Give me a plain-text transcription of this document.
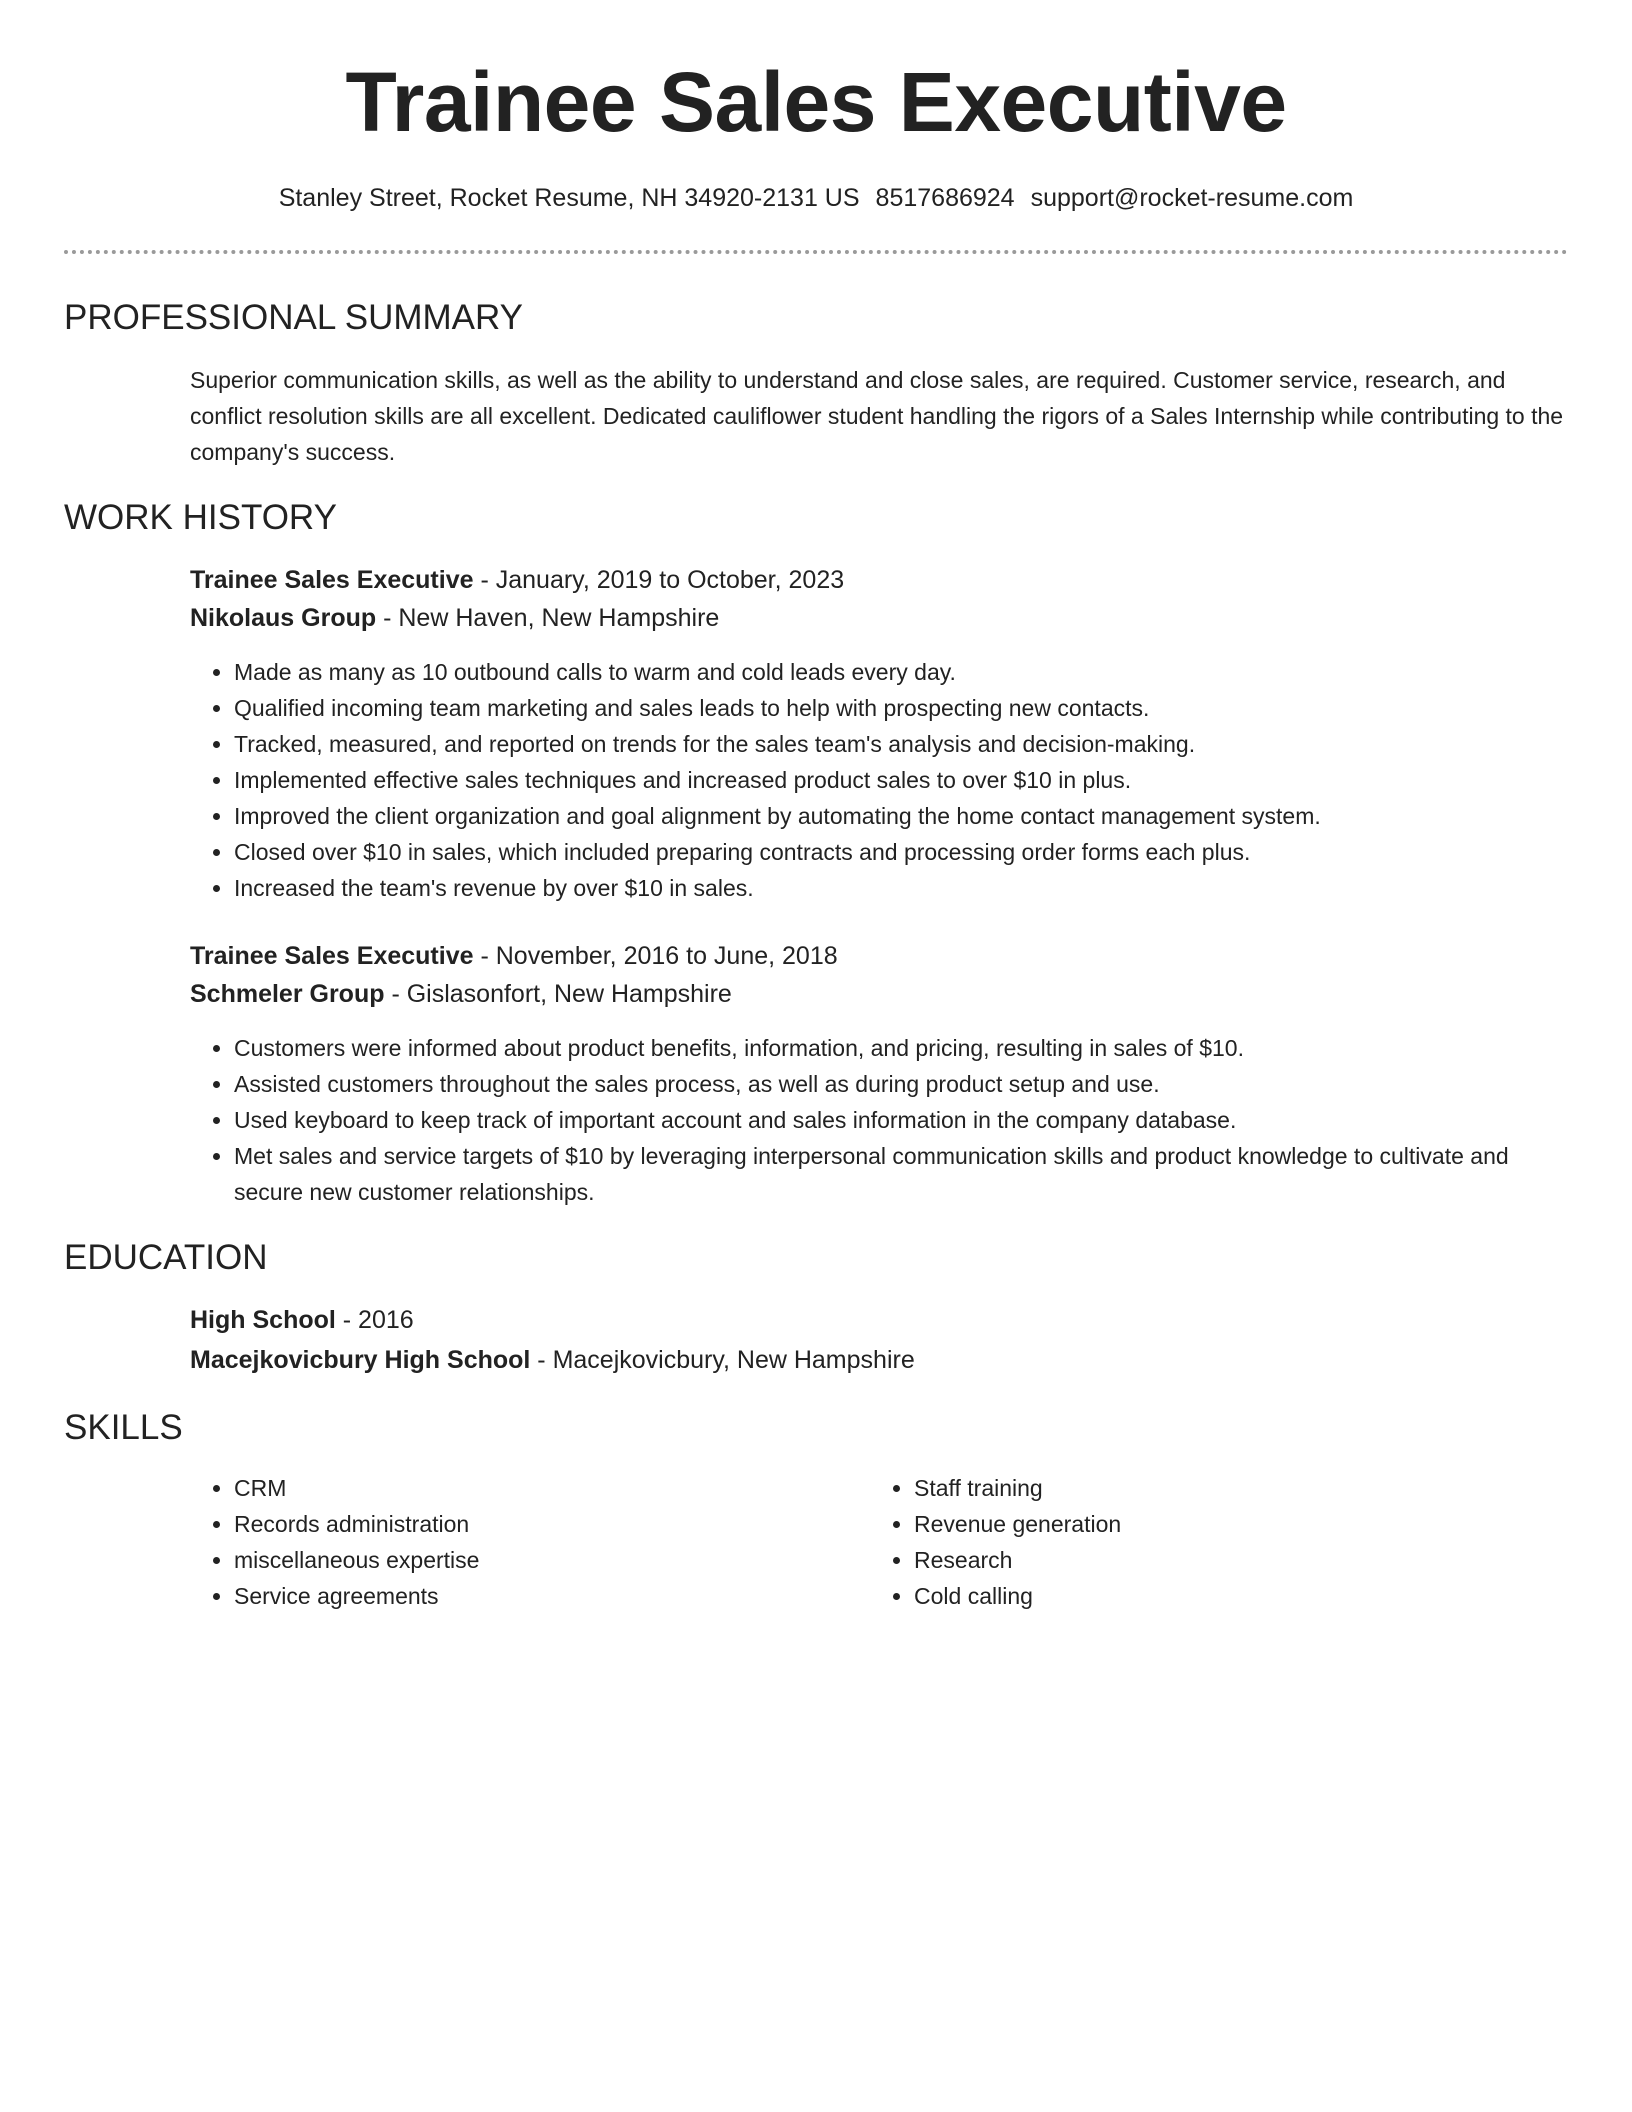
Trainee Sales Executive
Stanley Street, Rocket Resume, NH 34920-2131 US 8517686924 support@rocket-resume.com
PROFESSIONAL SUMMARY
Superior communication skills, as well as the ability to understand and close sales, are required. Customer service, research, and conflict resolution skills are all excellent. Dedicated cauliflower student handling the rigors of a Sales Internship while contributing to the company's success.
WORK HISTORY
Trainee Sales Executive - January, 2019 to October, 2023
Nikolaus Group - New Haven, New Hampshire
• Made as many as 10 outbound calls to warm and cold leads every day.
• Qualified incoming team marketing and sales leads to help with prospecting new contacts.
• Tracked, measured, and reported on trends for the sales team's analysis and decision-making.
• Implemented effective sales techniques and increased product sales to over $10 in plus.
• Improved the client organization and goal alignment by automating the home contact management system.
• Closed over $10 in sales, which included preparing contracts and processing order forms each plus.
• Increased the team's revenue by over $10 in sales.
Trainee Sales Executive - November, 2016 to June, 2018
Schmeler Group - Gislasonfort, New Hampshire
• Customers were informed about product benefits, information, and pricing, resulting in sales of $10.
• Assisted customers throughout the sales process, as well as during product setup and use.
• Used keyboard to keep track of important account and sales information in the company database.
• Met sales and service targets of $10 by leveraging interpersonal communication skills and product knowledge to cultivate and secure new customer relationships.
EDUCATION
High School - 2016
Macejkovicbury High School - Macejkovicbury, New Hampshire
SKILLS
• CRM
• Records administration
• miscellaneous expertise
• Service agreements
• Staff training
• Revenue generation
• Research
• Cold calling
